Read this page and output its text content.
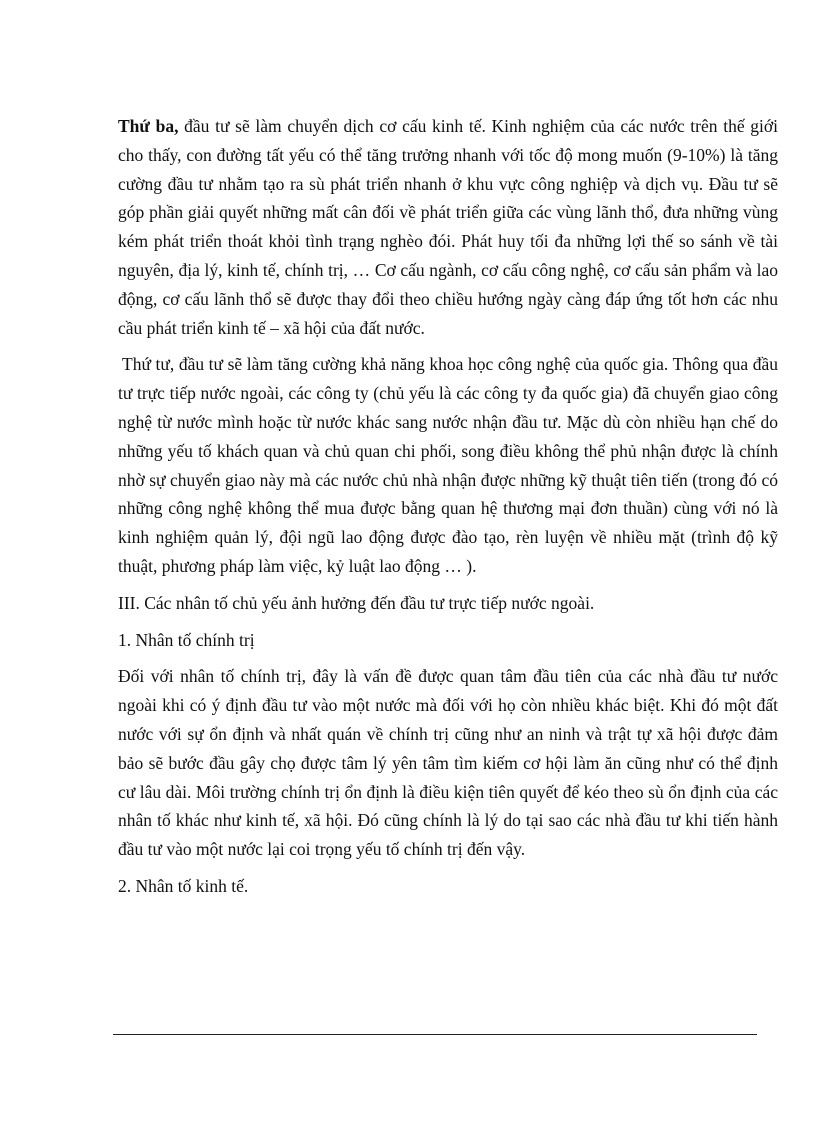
Thứ ba, đầu tư sẽ làm chuyển dịch cơ cấu kinh tế. Kinh nghiệm của các nước trên thế giới cho thấy, con đường tất yếu có thể tăng trưởng nhanh với tốc độ mong muốn (9-10%) là tăng cường đầu tư nhằm tạo ra sù phát triển nhanh ở khu vực công nghiệp và dịch vụ. Đầu tư sẽ góp phần giải quyết những mất cân đối về phát triển giữa các vùng lãnh thổ, đưa những vùng kém phát triển thoát khỏi tình trạng nghèo đói. Phát huy tối đa những lợi thế so sánh về tài nguyên, địa lý, kinh tế, chính trị, … Cơ cấu ngành, cơ cấu công nghệ, cơ cấu sản phẩm và lao động, cơ cấu lãnh thổ sẽ được thay đổi theo chiều hướng ngày càng đáp ứng tốt hơn các nhu cầu phát triển kinh tế – xã hội của đất nước.

Thứ tư, đầu tư sẽ làm tăng cường khả năng khoa học công nghệ của quốc gia. Thông qua đầu tư trực tiếp nước ngoài, các công ty (chủ yếu là các công ty đa quốc gia) đã chuyển giao công nghệ từ nước mình hoặc từ nước khác sang nước nhận đầu tư. Mặc dù còn nhiều hạn chế do những yếu tố khách quan và chủ quan chi phối, song điều không thể phủ nhận được là chính nhờ sự chuyển giao này mà các nước chủ nhà nhận được những kỹ thuật tiên tiến (trong đó có những công nghệ không thể mua được bằng quan hệ thương mại đơn thuần) cùng với nó là kinh nghiệm quản lý, đội ngũ lao động được đào tạo, rèn luyện về nhiều mặt (trình độ kỹ thuật, phương pháp làm việc, kỷ luật lao động … ).

III. Các nhân tố chủ yếu ảnh hưởng đến đầu tư trực tiếp nước ngoài.

1. Nhân tố chính trị

Đối với nhân tố chính trị, đây là vấn đề được quan tâm đầu tiên của các nhà đầu tư nước ngoài khi có ý định đầu tư vào một nước mà đối với họ còn nhiều khác biệt. Khi đó một đất nước với sự ổn định và nhất quán về chính trị cũng như an ninh và trật tự xã hội được đảm bảo sẽ bước đầu gây chọ được tâm lý yên tâm tìm kiếm cơ hội làm ăn cũng như có thể định cư lâu dài. Môi trường chính trị ổn định là điều kiện tiên quyết để kéo theo sù ổn định của các nhân tố khác như kinh tế, xã hội. Đó cũng chính là lý do tại sao các nhà đầu tư khi tiến hành đầu tư vào một nước lại coi trọng yếu tố chính trị đến vậy.

2. Nhân tố kinh tế.
